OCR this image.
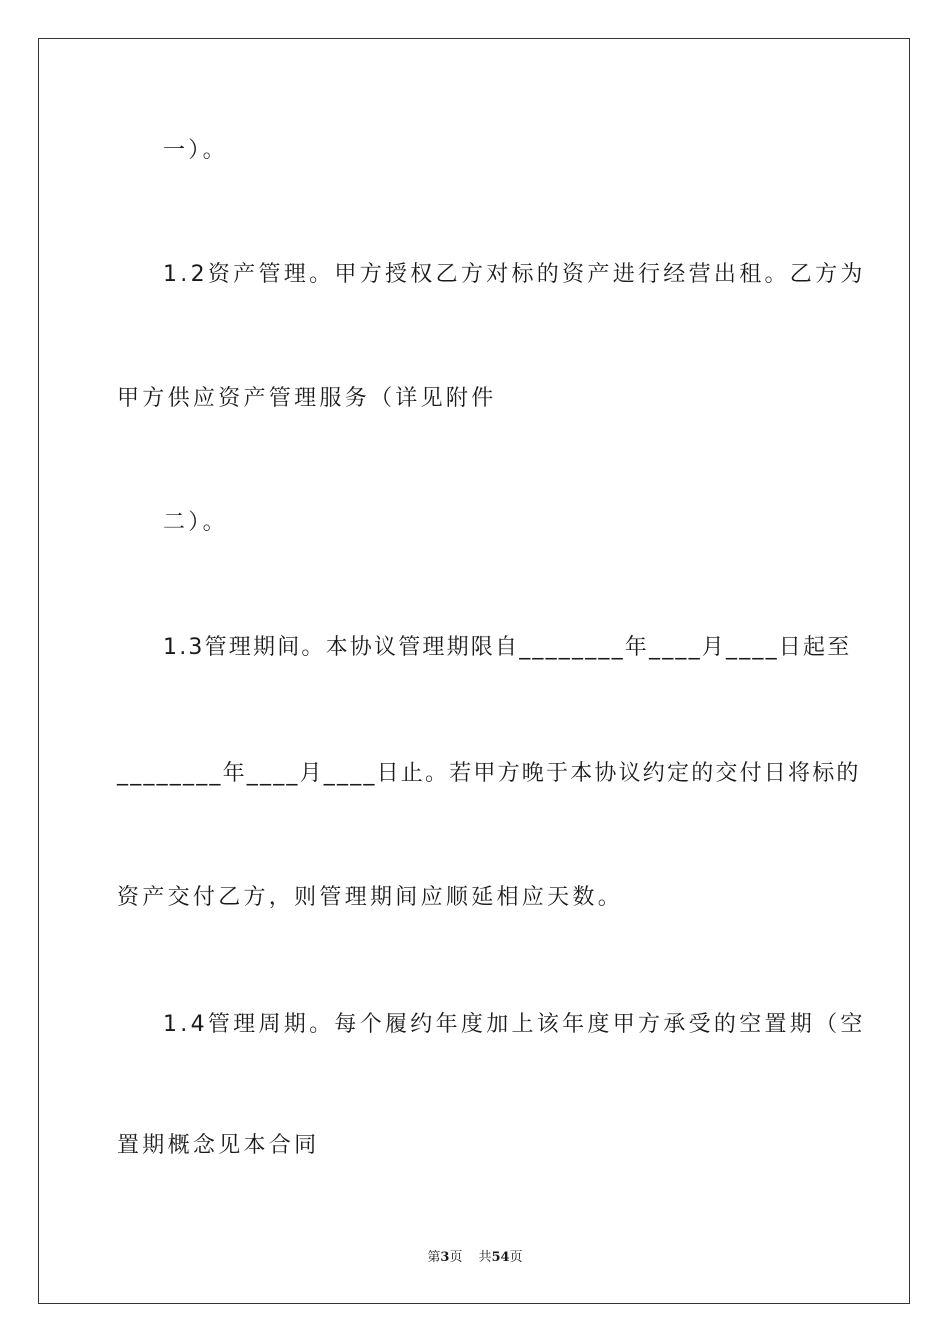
一）。
1.2资产管理。甲方授权乙方对标的资产进行经营出租。乙方为
甲方供应资产管理服务（详见附件
二）。
1.3管理期间。本协议管理期限自________年____月____日起至
________年____月____日止。若甲方晚于本协议约定的交付日将标的
资产交付乙方，则管理期间应顺延相应天数。
1.4管理周期。每个履约年度加上该年度甲方承受的空置期（空
置期概念见本合同
第3页 共54页
